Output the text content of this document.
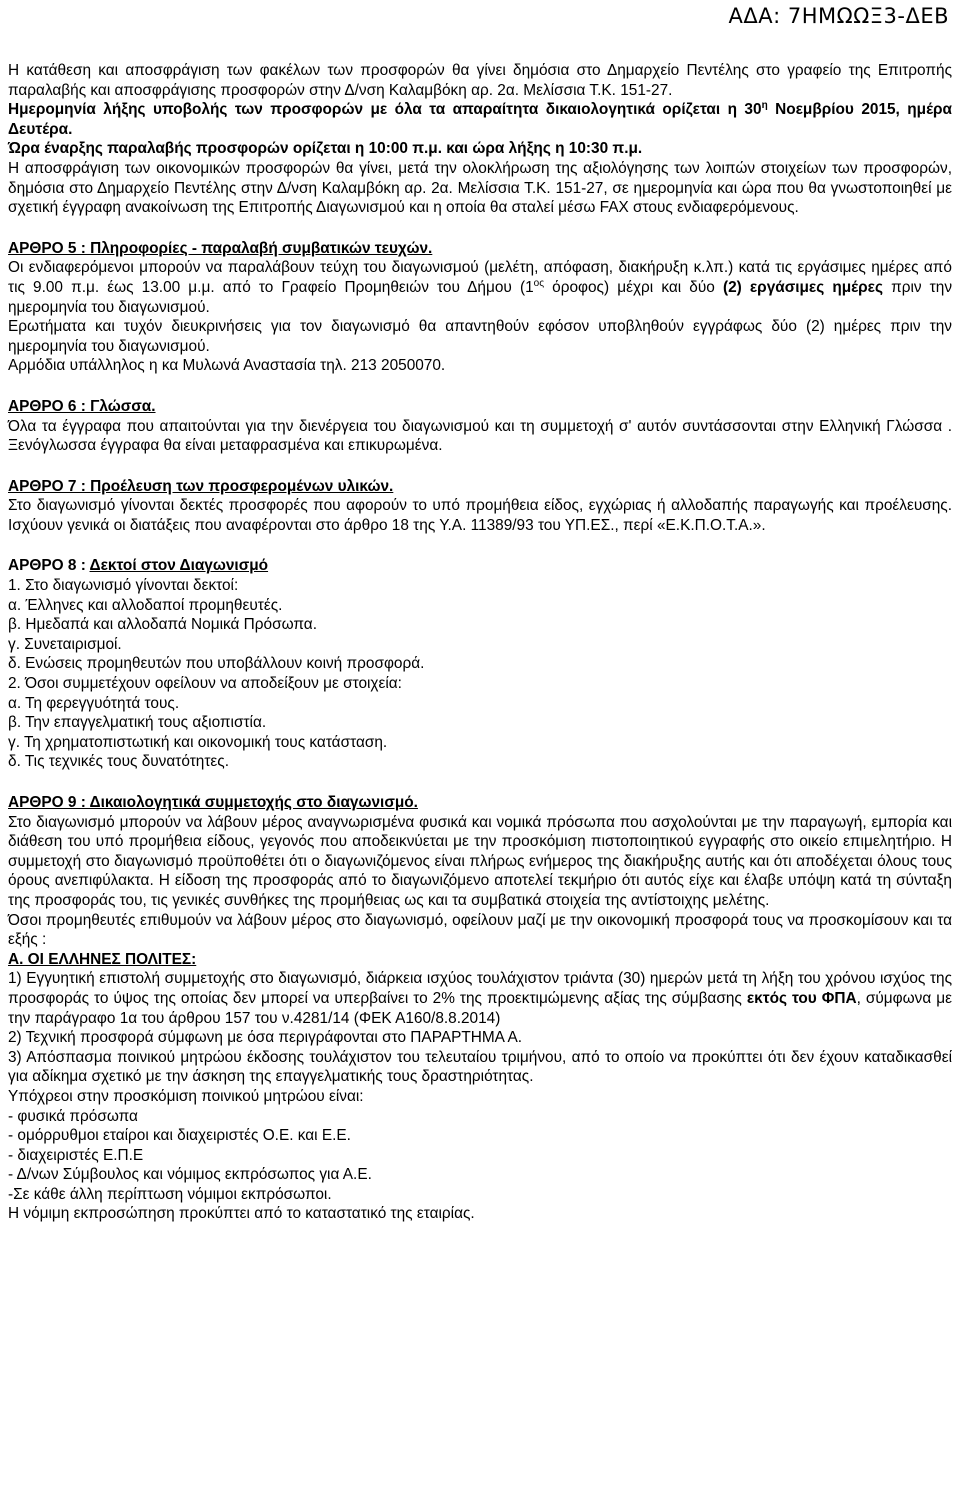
ΑΔΑ: 7ΗΜΩΩΞ3-ΔΕΒ

Η κατάθεση και αποσφράγιση των φακέλων των προσφορών θα γίνει δημόσια στο Δημαρχείο Πεντέλης στο γραφείο της Επιτροπής παραλαβής και αποσφράγισης προσφορών στην Δ/νση Καλαμβόκη αρ. 2α. Μελίσσια Τ.Κ. 151-27.

Ημερομηνία λήξης υποβολής των προσφορών με όλα τα απαραίτητα δικαιολογητικά ορίζεται η $30^\eta$ Νοεμβρίου 2015, ημέρα Δευτέρα.

Ώρα έναρξης παραλαβής προσφορών ορίζεται η 10:00 π.μ. και ώρα λήξης η 10:30 π.μ.

Η αποσφράγιση των οικονομικών προσφορών θα γίνει, μετά την ολοκλήρωση της αξιολόγησης των λοιπών στοιχείων των προσφορών, δημόσια στο Δημαρχείο Πεντέλης στην Δ/νση Καλαμβόκη αρ. 2α. Μελίσσια Τ.Κ. 151-27, σε ημερομηνία και ώρα που θα γνωστοποιηθεί με σχετική έγγραφη ανακοίνωση της Επιτροπής Διαγωνισμού και η οποία θα σταλεί μέσω FAX στους ενδιαφερόμενους.

ΑΡΘΡΟ 5 : Πληροφορίες - παραλαβή συμβατικών τευχών.

Οι ενδιαφερόμενοι μπορούν να παραλάβουν τεύχη του διαγωνισμού (μελέτη, απόφαση, διακήρυξη κ.λπ.) κατά τις εργάσιμες ημέρες από τις 9.00 π.μ. έως 13.00 μ.μ. από το Γραφείο Προμηθειών του Δήμου ($1^{o\varsigma}$ όροφος) μέχρι και δύο (2) εργάσιμες ημέρες πριν την ημερομηνία του διαγωνισμού.

Ερωτήματα και τυχόν διευκρινήσεις για τον διαγωνισμό θα απαντηθούν εφόσον υποβληθούν εγγράφως δύο (2) ημέρες πριν την ημερομηνία του διαγωνισμού.

Αρμόδια υπάλληλος η κα Μυλωνά Αναστασία τηλ. 213 2050070.

ΑΡΘΡΟ 6 : Γλώσσα.

Όλα τα έγγραφα που απαιτούνται για την διενέργεια του διαγωνισμού και τη συμμετοχή σ' αυτόν συντάσσονται στην Ελληνική Γλώσσα . Ξενόγλωσσα έγγραφα θα είναι μεταφρασμένα και επικυρωμένα.

ΑΡΘΡΟ 7 : Προέλευση των προσφερομένων υλικών.

Στο διαγωνισμό γίνονται δεκτές προσφορές που αφορούν το υπό προμήθεια είδος, εγχώριας ή αλλοδαπής παραγωγής και προέλευσης. Ισχύουν γενικά οι διατάξεις που αναφέρονται στο άρθρο 18 της Υ.Α. 11389/93 του ΥΠ.ΕΣ., περί «Ε.Κ.Π.Ο.Τ.Α.».

ΑΡΘΡΟ 8 : Δεκτοί στον Διαγωνισμό

1. Στο διαγωνισμό γίνονται δεκτοί:

α. Έλληνες και αλλοδαποί προμηθευτές.

β. Ημεδαπά και αλλοδαπά Νομικά Πρόσωπα.

γ. Συνεταιρισμοί.

δ. Ενώσεις προμηθευτών που υποβάλλουν κοινή προσφορά.

2. Όσοι συμμετέχουν οφείλουν να αποδείξουν με στοιχεία:

α. Τη φερεγγυότητά τους.

β. Την επαγγελματική τους αξιοπιστία.

γ. Τη χρηματοπιστωτική και οικονομική τους κατάσταση.

δ. Τις τεχνικές τους δυνατότητες.

ΑΡΘΡΟ 9 : Δικαιολογητικά συμμετοχής στο διαγωνισμό.

Στο διαγωνισμό μπορούν να λάβουν μέρος αναγνωρισμένα φυσικά και νομικά πρόσωπα που ασχολούνται με την παραγωγή, εμπορία και διάθεση του υπό προμήθεια είδους, γεγονός που αποδεικνύεται με την προσκόμιση πιστοποιητικού εγγραφής στο οικείο επιμελητήριο. Η συμμετοχή στο διαγωνισμό προϋποθέτει ότι ο διαγωνιζόμενος είναι πλήρως ενήμερος της διακήρυξης αυτής και ότι αποδέχεται όλους τους όρους ανεπιφύλακτα. Η είδοση της προσφοράς από το διαγωνιζόμενο αποτελεί τεκμήριο ότι αυτός είχε και έλαβε υπόψη κατά τη σύνταξη της προσφοράς του, τις γενικές συνθήκες της προμήθειας ως και τα συμβατικά στοιχεία της αντίστοιχης μελέτης.

Όσοι προμηθευτές επιθυμούν να λάβουν μέρος στο διαγωνισμό, οφείλουν μαζί με την οικονομική προσφορά τους να προσκομίσουν και τα εξής :

Α. ΟΙ ΕΛΛΗΝΕΣ ΠΟΛΙΤΕΣ:

1) Εγγυητική επιστολή συμμετοχής στο διαγωνισμό, διάρκεια ισχύος τουλάχιστον τριάντα (30) ημερών μετά τη λήξη του χρόνου ισχύος της προσφοράς το ύψος της οποίας δεν μπορεί να υπερβαίνει το 2% της προεκτιμώμενης αξίας της σύμβασης εκτός του ΦΠΑ, σύμφωνα με την παράγραφο 1α του άρθρου 157 του ν.4281/14 (ΦΕΚ Α160/8.8.2014)

2) Τεχνική προσφορά σύμφωνη με όσα περιγράφονται στο ΠΑΡΑΡΤΗΜΑ Α.

3) Απόσπασμα ποινικού μητρώου έκδοσης τουλάχιστον του τελευταίου τριμήνου, από το οποίο να προκύπτει ότι δεν έχουν καταδικασθεί για αδίκημα σχετικό με την άσκηση της επαγγελματικής τους δραστηριότητας.

Υπόχρεοι στην προσκόμιση ποινικού μητρώου είναι:

- φυσικά πρόσωπα

- ομόρρυθμοι εταίροι και διαχειριστές Ο.Ε. και Ε.Ε.

- διαχειριστές Ε.Π.Ε

- Δ/νων Σύμβουλος και νόμιμος εκπρόσωπος για Α.Ε.

-Σε κάθε άλλη περίπτωση νόμιμοι εκπρόσωποι.

Η νόμιμη εκπροσώπηση προκύπτει από το καταστατικό της εταιρίας.
